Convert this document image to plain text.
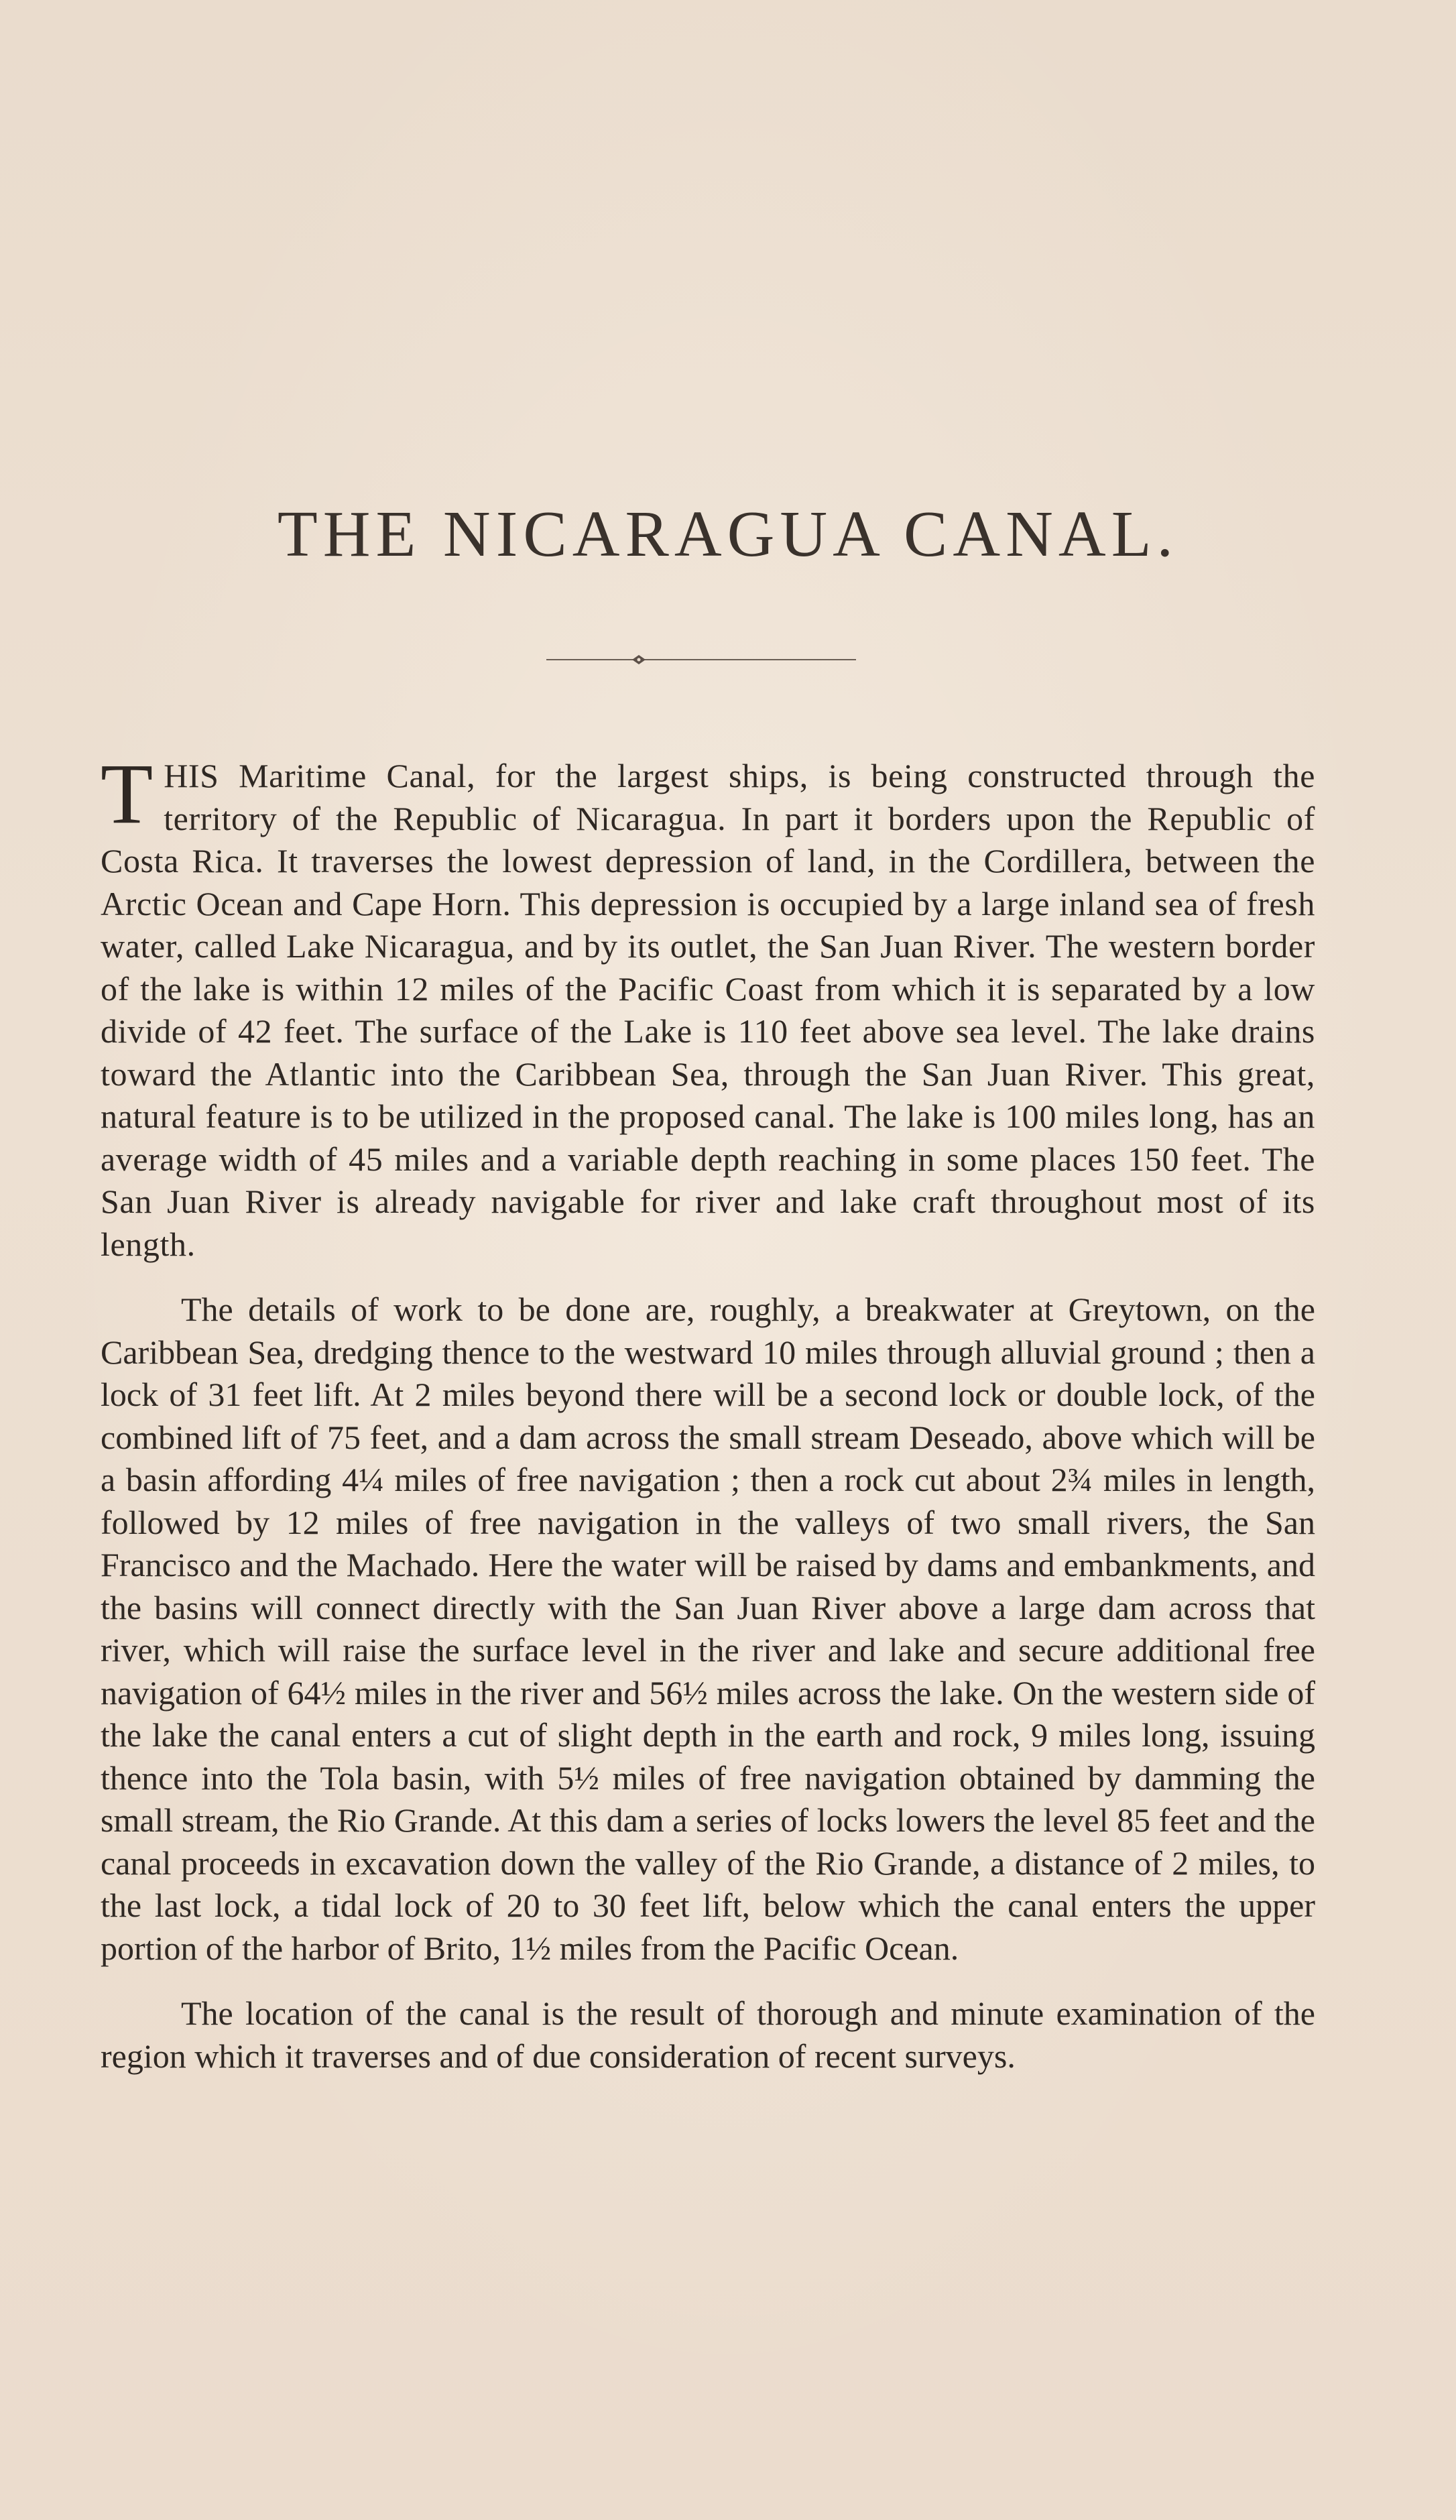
THE NICARAGUA CANAL.

THIS Maritime Canal, for the largest ships, is being constructed through the territory of the Republic of Nicaragua. In part it borders upon the Republic of Costa Rica. It traverses the lowest depression of land, in the Cordillera, between the Arctic Ocean and Cape Horn. This depression is occupied by a large inland sea of fresh water, called Lake Nicaragua, and by its outlet, the San Juan River. The western border of the lake is within 12 miles of the Pacific Coast from which it is separated by a low divide of 42 feet. The surface of the Lake is 110 feet above sea level. The lake drains toward the Atlantic into the Caribbean Sea, through the San Juan River. This great, natural feature is to be utilized in the proposed canal. The lake is 100 miles long, has an average width of 45 miles and a variable depth reaching in some places 150 feet. The San Juan River is already navigable for river and lake craft throughout most of its length.

The details of work to be done are, roughly, a breakwater at Greytown, on the Caribbean Sea, dredging thence to the westward 10 miles through alluvial ground ; then a lock of 31 feet lift. At 2 miles beyond there will be a second lock or double lock, of the combined lift of 75 feet, and a dam across the small stream Deseado, above which will be a basin affording 4¼ miles of free navigation ; then a rock cut about 2¾ miles in length, followed by 12 miles of free navigation in the valleys of two small rivers, the San Francisco and the Machado. Here the water will be raised by dams and embankments, and the basins will connect directly with the San Juan River above a large dam across that river, which will raise the surface level in the river and lake and secure additional free navigation of 64½ miles in the river and 56½ miles across the lake. On the western side of the lake the canal enters a cut of slight depth in the earth and rock, 9 miles long, issuing thence into the Tola basin, with 5½ miles of free navigation obtained by damming the small stream, the Rio Grande. At this dam a series of locks lowers the level 85 feet and the canal proceeds in excavation down the valley of the Rio Grande, a distance of 2 miles, to the last lock, a tidal lock of 20 to 30 feet lift, below which the canal enters the upper portion of the harbor of Brito, 1½ miles from the Pacific Ocean.

The location of the canal is the result of thorough and minute examination of the region which it traverses and of due consideration of recent surveys.
